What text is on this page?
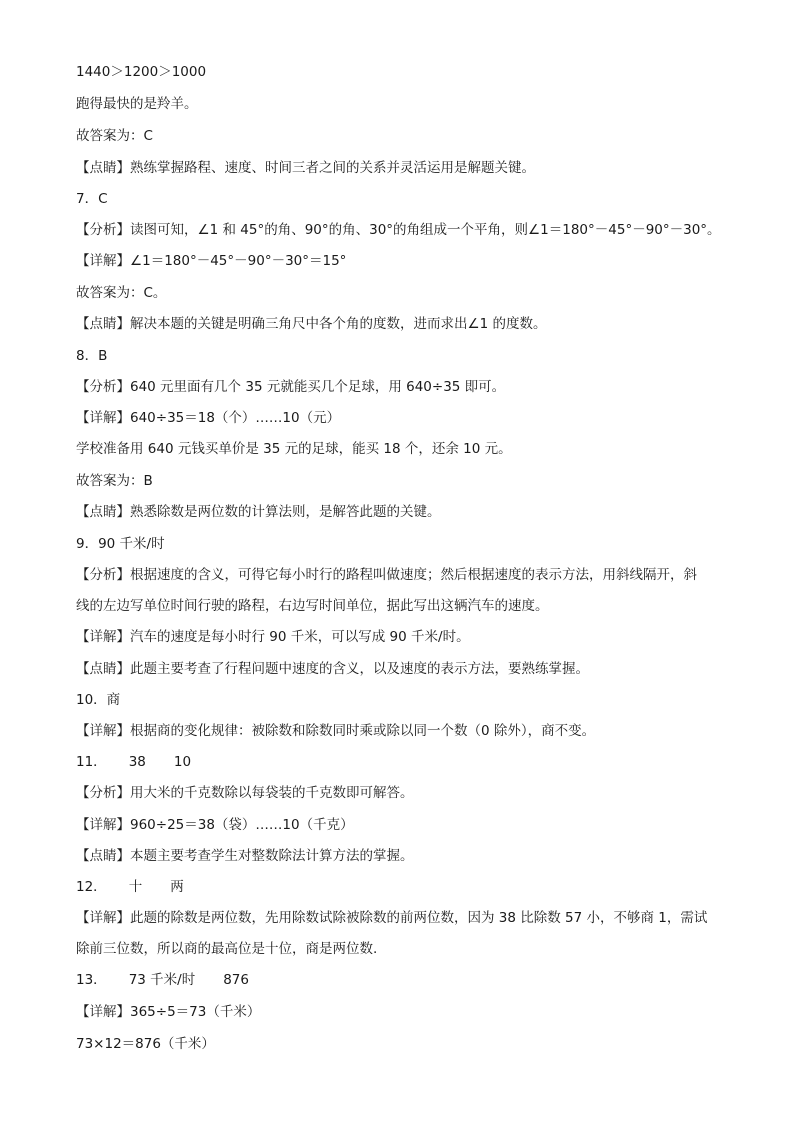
1440＞1200＞1000
跑得最快的是羚羊。
故答案为：C
【点睛】熟练掌握路程、速度、时间三者之间的关系并灵活运用是解题关键。
7．C
【分析】读图可知，∠1 和 45°的角、90°的角、30°的角组成一个平角，则∠1＝180°－45°－90°－30°。
【详解】∠1＝180°－45°－90°－30°＝15°
故答案为：C。
【点睛】解决本题的关键是明确三角尺中各个角的度数，进而求出∠1 的度数。
8．B
【分析】640 元里面有几个 35 元就能买几个足球，用 640÷35 即可。
【详解】640÷35＝18（个）……10（元）
学校准备用 640 元钱买单价是 35 元的足球，能买 18 个，还余 10 元。
故答案为：B
【点睛】熟悉除数是两位数的计算法则，是解答此题的关键。
9．90 千米/时
【分析】根据速度的含义，可得它每小时行的路程叫做速度；然后根据速度的表示方法，用斜线隔开，斜
线的左边写单位时间行驶的路程，右边写时间单位，据此写出这辆汽车的速度。
【详解】汽车的速度是每小时行 90 千米，可以写成 90 千米/时。
【点睛】此题主要考查了行程问题中速度的含义，以及速度的表示方法，要熟练掌握。
10．商
【详解】根据商的变化规律：被除数和除数同时乘或除以同一个数（0 除外），商不变。
11． 38 10
【分析】用大米的千克数除以每袋装的千克数即可解答。
【详解】960÷25＝38（袋）……10（千克）
【点睛】本题主要考查学生对整数除法计算方法的掌握。
12． 十 两
【详解】此题的除数是两位数，先用除数试除被除数的前两位数，因为 38 比除数 57 小，不够商 1，需试
除前三位数，所以商的最高位是十位，商是两位数.
13． 73 千米/时 876
【详解】365÷5＝73（千米）
73×12＝876（千米）
